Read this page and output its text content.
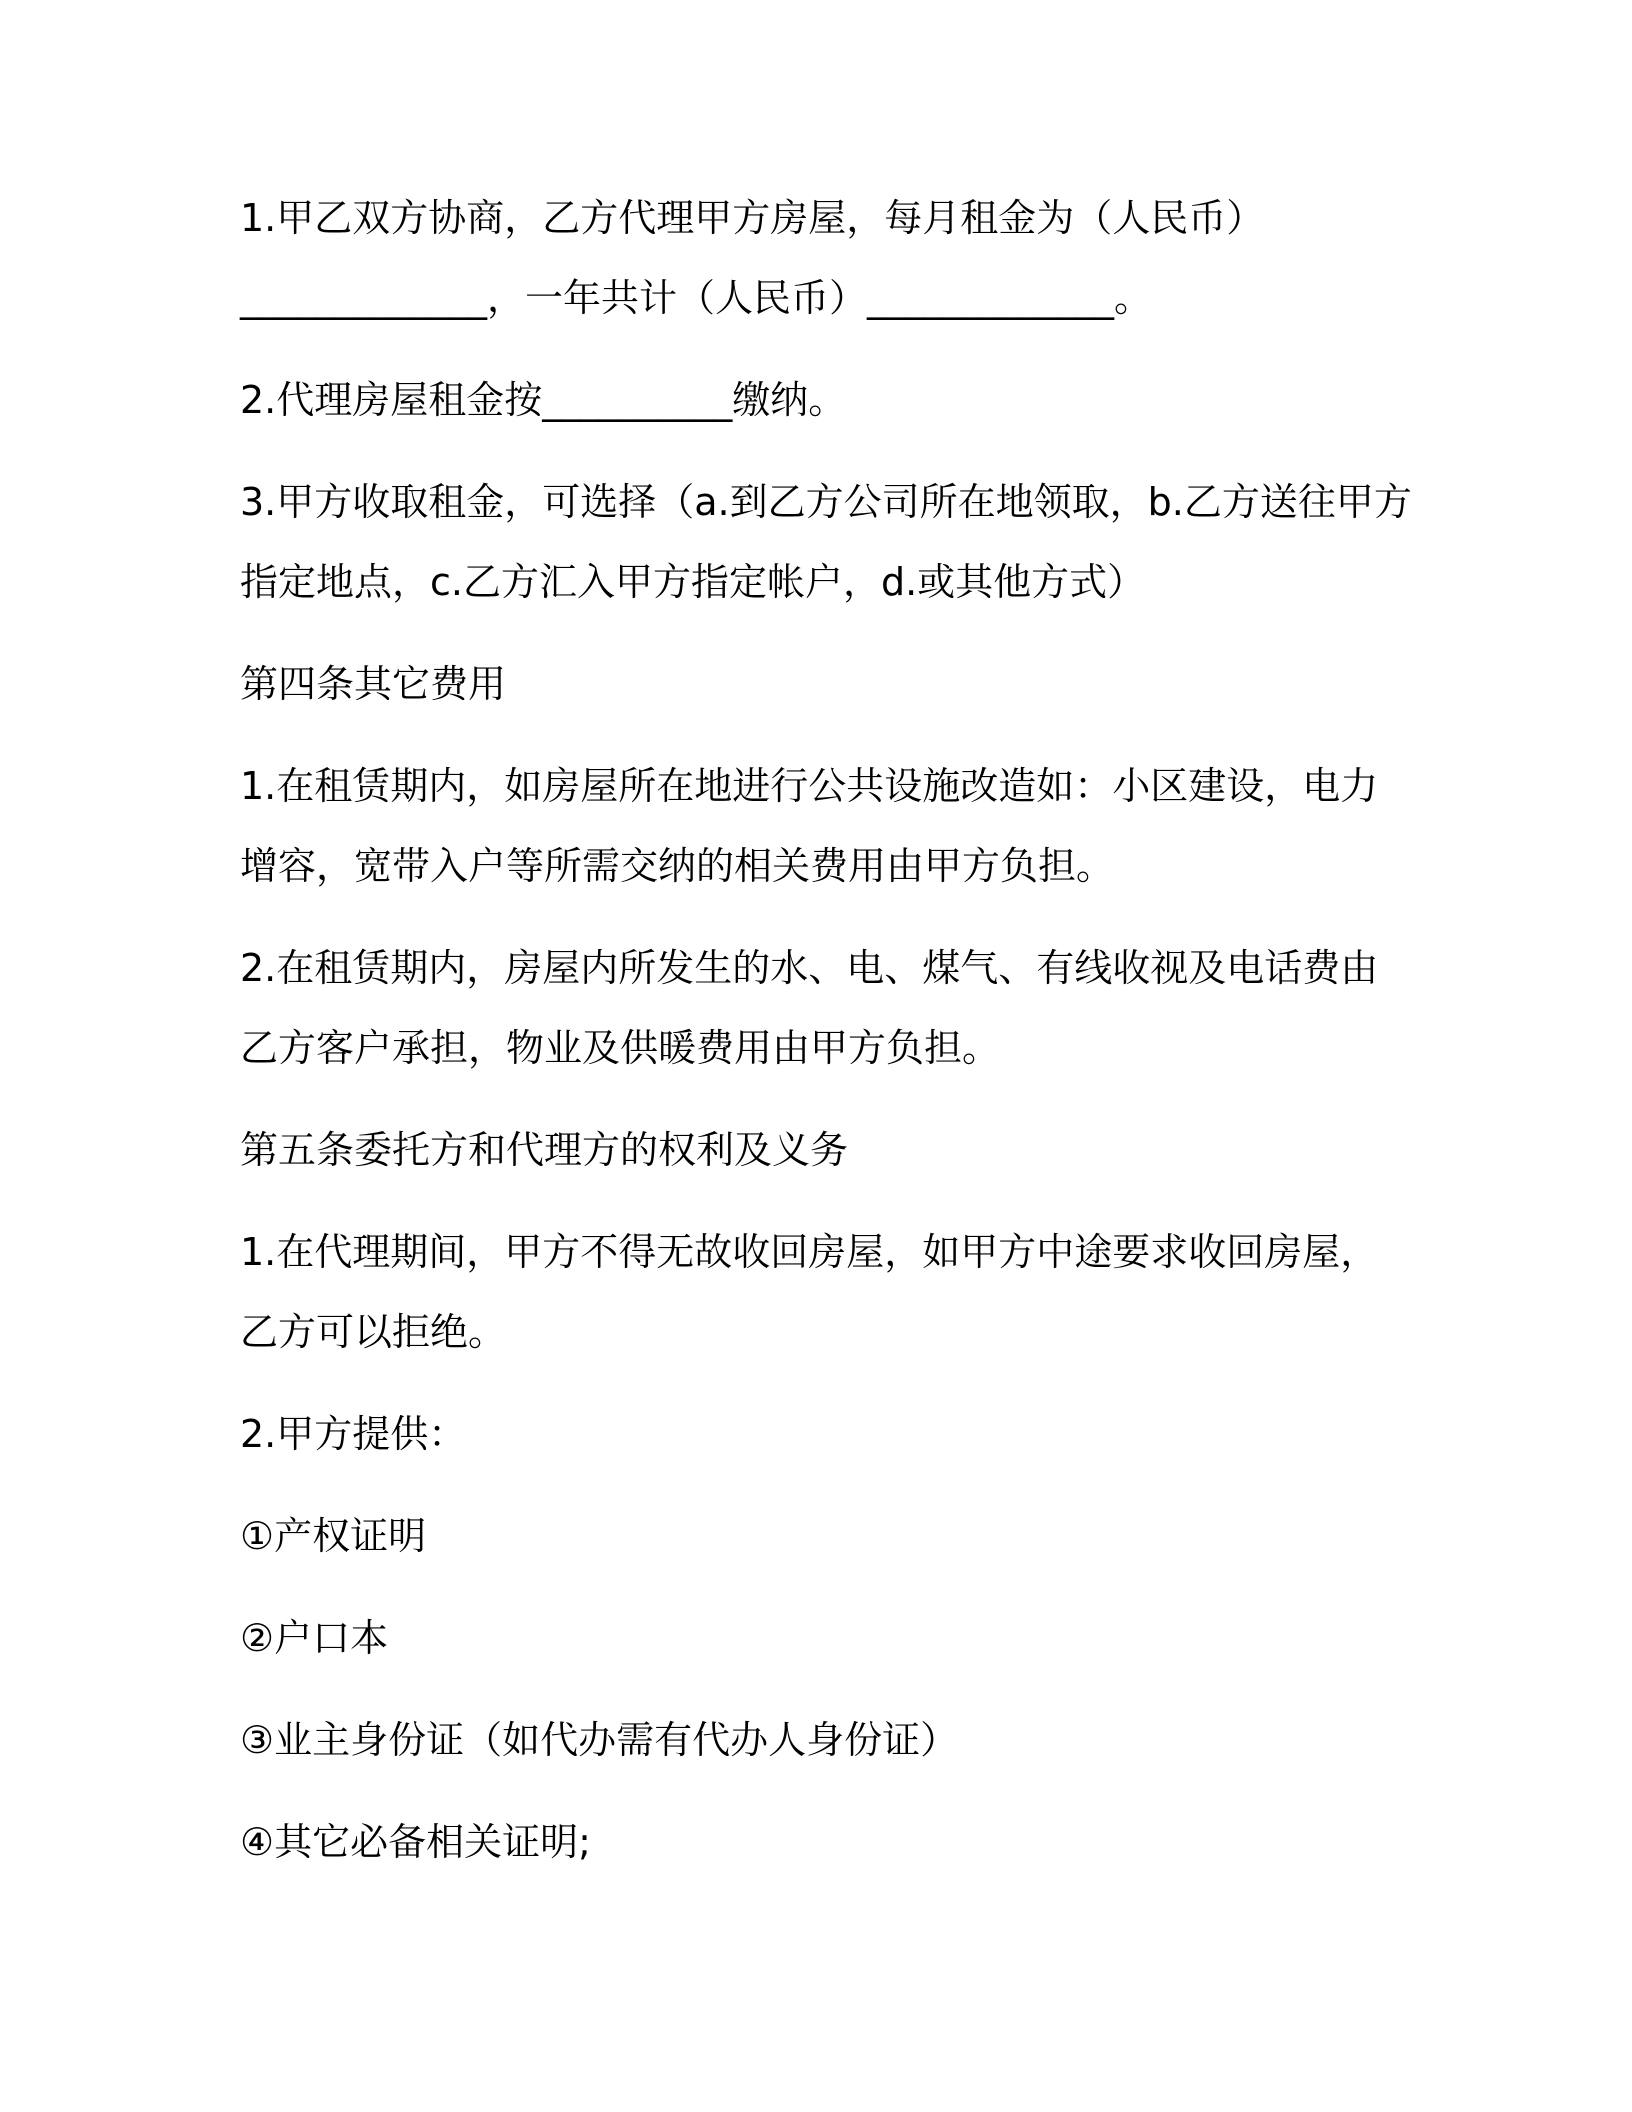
1.甲乙双方协商，乙方代理甲方房屋，每月租金为（人民币）

_____________，一年共计（人民币）_____________。

2.代理房屋租金按__________缴纳。

3.甲方收取租金，可选择（a.到乙方公司所在地领取，b.乙方送往甲方

指定地点，c.乙方汇入甲方指定帐户，d.或其他方式）

第四条其它费用

1.在租赁期内，如房屋所在地进行公共设施改造如：小区建设，电力

增容，宽带入户等所需交纳的相关费用由甲方负担。

2.在租赁期内，房屋内所发生的水、电、煤气、有线收视及电话费由

乙方客户承担，物业及供暖费用由甲方负担。

第五条委托方和代理方的权利及义务

1.在代理期间，甲方不得无故收回房屋，如甲方中途要求收回房屋，

乙方可以拒绝。

2.甲方提供：

①产权证明

②户口本

③业主身份证（如代办需有代办人身份证）

④其它必备相关证明;
